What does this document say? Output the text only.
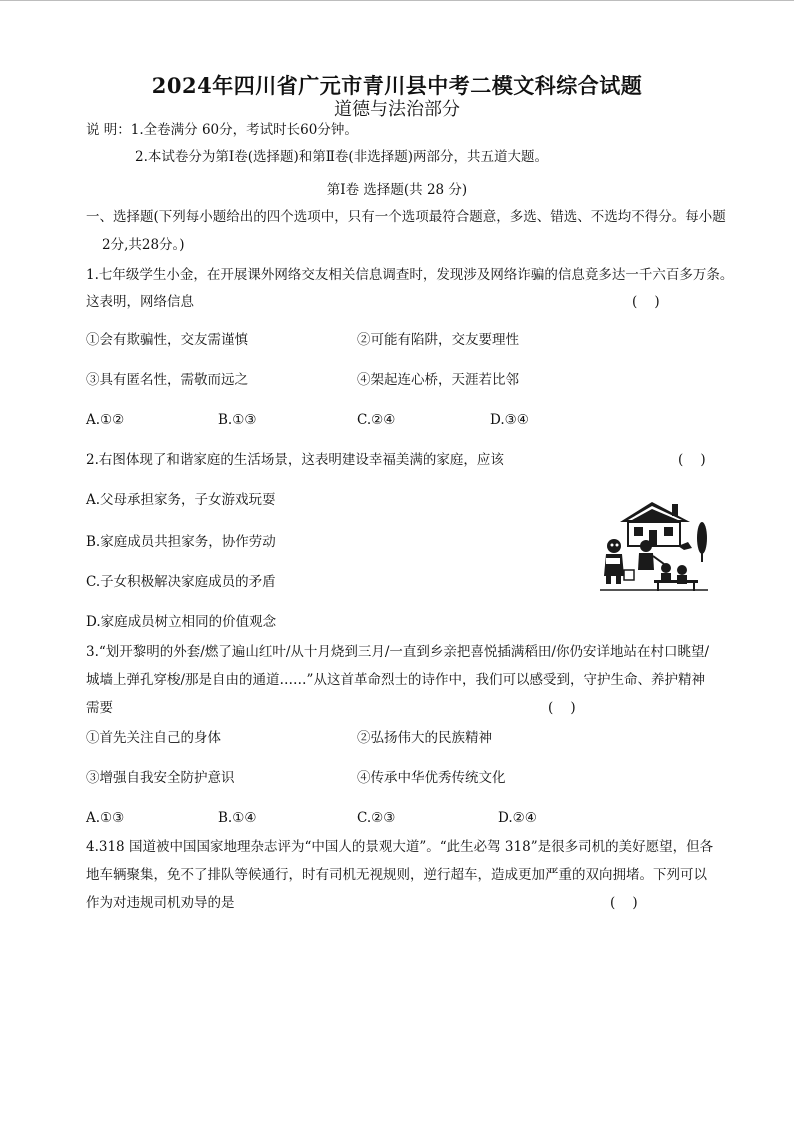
2024年四川省广元市青川县中考二模文科综合试题
道德与法治部分
说 明：1.全卷满分 60分，考试时长60分钟。
2.本试卷分为第Ⅰ卷(选择题)和第Ⅱ卷(非选择题)两部分，共五道大题。
第Ⅰ卷 选择题(共 28 分)
一、选择题(下列每小题给出的四个选项中，只有一个选项最符合题意，多选、错选、不选均不得分。每小题
2分,共28分。)
1.七年级学生小金，在开展课外网络交友相关信息调查时，发现涉及网络诈骗的信息竟多达一千六百多万条。
这表明，网络信息	(    )
①会有欺骗性，交友需谨慎	②可能有陷阱，交友要理性
③具有匿名性，需敬而远之	④架起连心桥，天涯若比邻
A.①②	B.①③	C.②④	D.③④
2.右图体现了和谐家庭的生活场景，这表明建设幸福美满的家庭，应该	(    )
A.父母承担家务，子女游戏玩耍
B.家庭成员共担家务，协作劳动
C.子女积极解决家庭成员的矛盾
D.家庭成员树立相同的价值观念
3.“划开黎明的外套/燃了遍山红叶/从十月烧到三月/一直到乡亲把喜悦插满稻田/你仍安详地站在村口眺望/
城墙上弹孔穿梭/那是自由的通道……”从这首革命烈士的诗作中，我们可以感受到，守护生命、养护精神
需要	(    )
①首先关注自己的身体	②弘扬伟大的民族精神
③增强自我安全防护意识	④传承中华优秀传统文化
A.①③	B.①④	C.②③	D.②④
4.318 国道被中国国家地理杂志评为“中国人的景观大道”。“此生必驾 318”是很多司机的美好愿望，但各
地车辆聚集，免不了排队等候通行，时有司机无视规则，逆行超车，造成更加严重的双向拥堵。下列可以
作为对违规司机劝导的是	(    )
